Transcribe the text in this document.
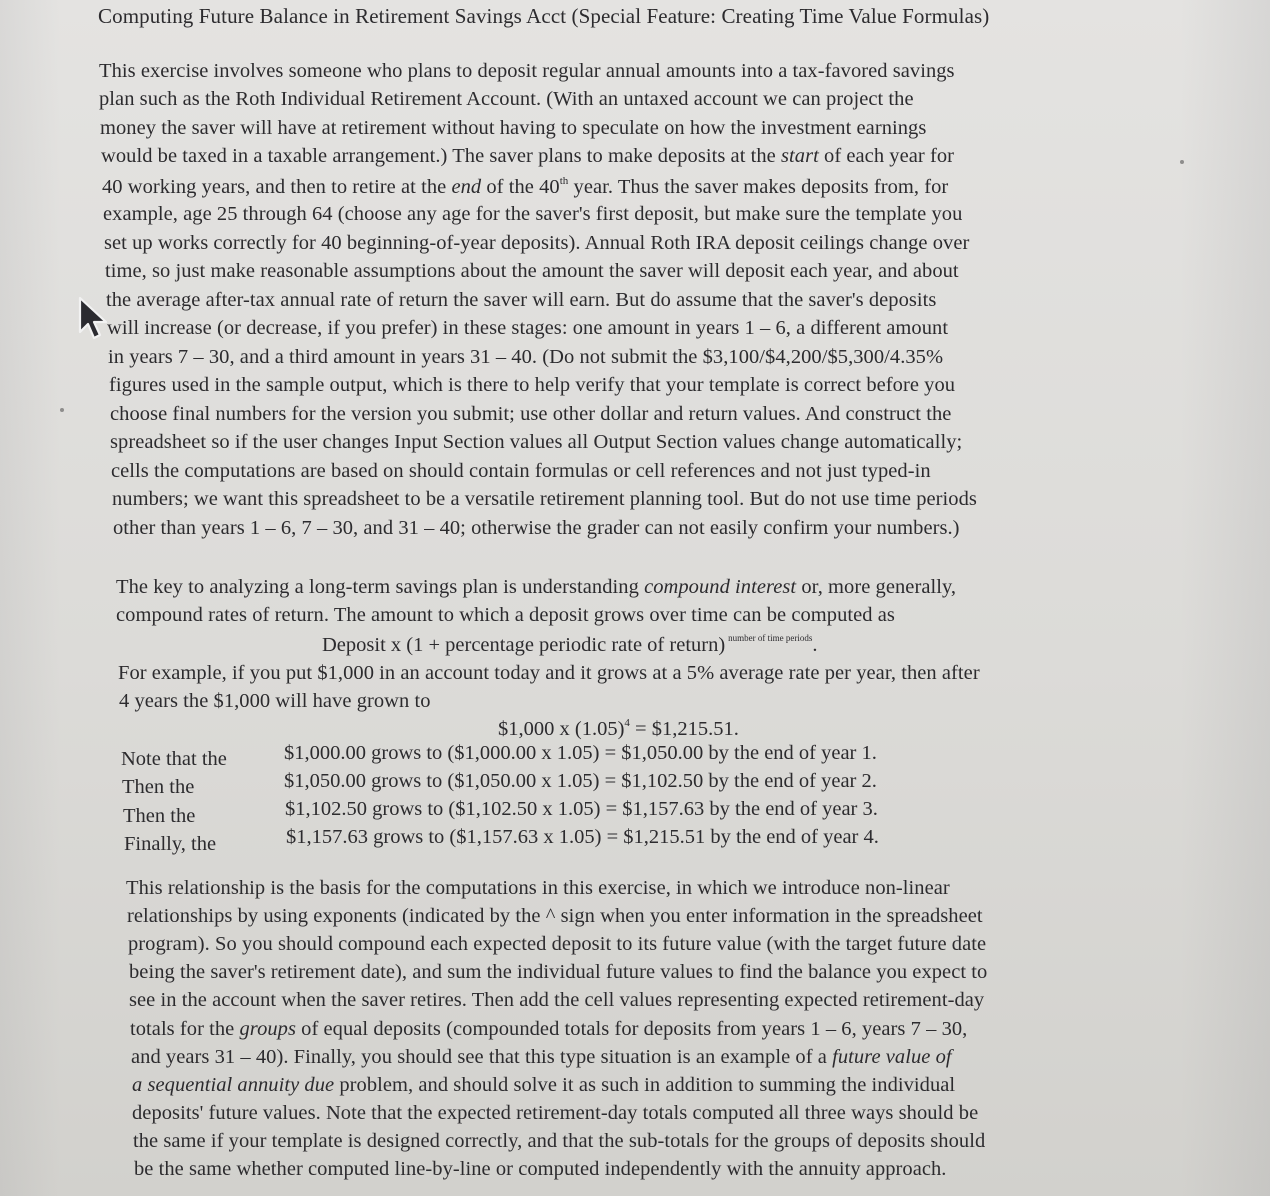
Computing Future Balance in Retirement Savings Acct (Special Feature: Creating Time Value Formulas)
This exercise involves someone who plans to deposit regular annual amounts into a tax-favored savings
plan such as the Roth Individual Retirement Account. (With an untaxed account we can project the
money the saver will have at retirement without having to speculate on how the investment earnings
would be taxed in a taxable arrangement.) The saver plans to make deposits at the start of each year for
40 working years, and then to retire at the end of the 40th year. Thus the saver makes deposits from, for
example, age 25 through 64 (choose any age for the saver's first deposit, but make sure the template you
set up works correctly for 40 beginning-of-year deposits). Annual Roth IRA deposit ceilings change over
time, so just make reasonable assumptions about the amount the saver will deposit each year, and about
the average after-tax annual rate of return the saver will earn. But do assume that the saver's deposits
will increase (or decrease, if you prefer) in these stages: one amount in years 1 – 6, a different amount
in years 7 – 30, and a third amount in years 31 – 40. (Do not submit the $3,100/$4,200/$5,300/4.35%
figures used in the sample output, which is there to help verify that your template is correct before you
choose final numbers for the version you submit; use other dollar and return values. And construct the
spreadsheet so if the user changes Input Section values all Output Section values change automatically;
cells the computations are based on should contain formulas or cell references and not just typed-in
numbers; we want this spreadsheet to be a versatile retirement planning tool. But do not use time periods
other than years 1 – 6, 7 – 30, and 31 – 40; otherwise the grader can not easily confirm your numbers.)
The key to analyzing a long-term savings plan is understanding compound interest or, more generally,
compound rates of return. The amount to which a deposit grows over time can be computed as
Deposit x (1 + percentage periodic rate of return) $^{number of time periods}$.
For example, if you put $1,000 in an account today and it grows at a 5% average rate per year, then after
4 years the $1,000 will have grown to
$1,000 x $(1.05)^4$ = $1,215.51.
Note that the	$1,000.00 grows to ($1,000.00 x 1.05) = $1,050.00 by the end of year 1.
Then the	$1,050.00 grows to ($1,050.00 x 1.05) = $1,102.50 by the end of year 2.
Then the	$1,102.50 grows to ($1,102.50 x 1.05) = $1,157.63 by the end of year 3.
Finally, the	$1,157.63 grows to ($1,157.63 x 1.05) = $1,215.51 by the end of year 4.
This relationship is the basis for the computations in this exercise, in which we introduce non-linear
relationships by using exponents (indicated by the ^ sign when you enter information in the spreadsheet
program). So you should compound each expected deposit to its future value (with the target future date
being the saver's retirement date), and sum the individual future values to find the balance you expect to
see in the account when the saver retires. Then add the cell values representing expected retirement-day
totals for the groups of equal deposits (compounded totals for deposits from years 1 – 6, years 7 – 30,
and years 31 – 40). Finally, you should see that this type situation is an example of a future value of
a sequential annuity due problem, and should solve it as such in addition to summing the individual
deposits' future values. Note that the expected retirement-day totals computed all three ways should be
the same if your template is designed correctly, and that the sub-totals for the groups of deposits should
be the same whether computed line-by-line or computed independently with the annuity approach.
